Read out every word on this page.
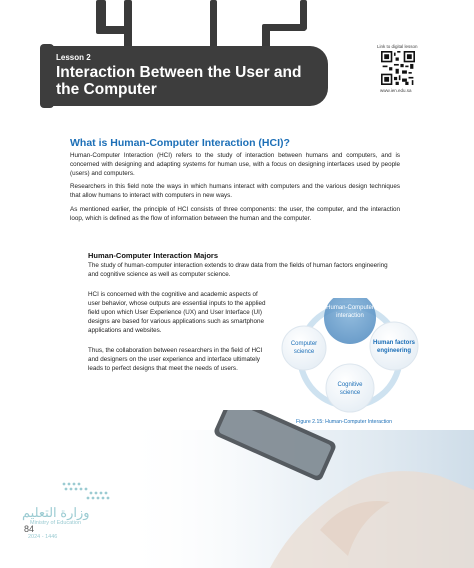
Lesson 2
Interaction Between the User and the Computer
Link to digital lesson
www.ien.edu.sa
What is Human-Computer Interaction (HCI)?
Human-Computer Interaction (HCI) refers to the study of interaction between humans and computers, and is concerned with designing and adapting systems for human use, with a focus on designing interfaces used by people (users) and computers.
Researchers in this field note the ways in which humans interact with computers and the various design techniques that allow humans to interact with computers in new ways.
As mentioned earlier, the principle of HCI consists of three components: the user, the computer, and the interaction loop, which is defined as the flow of information between the human and the computer.
Human-Computer Interaction Majors
The study of human-computer interaction extends to draw data from the fields of human factors engineering and cognitive science as well as computer science.
HCI is concerned with the cognitive and academic aspects of user behavior, whose outputs are essential inputs to the applied field upon which User Experience (UX) and User Interface (UI) designs are based for various applications such as smartphone applications and websites.
Thus, the collaboration between researchers in the field of HCI and designers on the user experience and interface ultimately leads to perfect designs that meet the needs of users.
Human-Computer
interaction
Computer
science
Human factors
engineering
Cognitive
science
Figure 2.15: Human-Computer Interaction
وزارة التعليم
84
Ministry of Education
2024 - 1446
